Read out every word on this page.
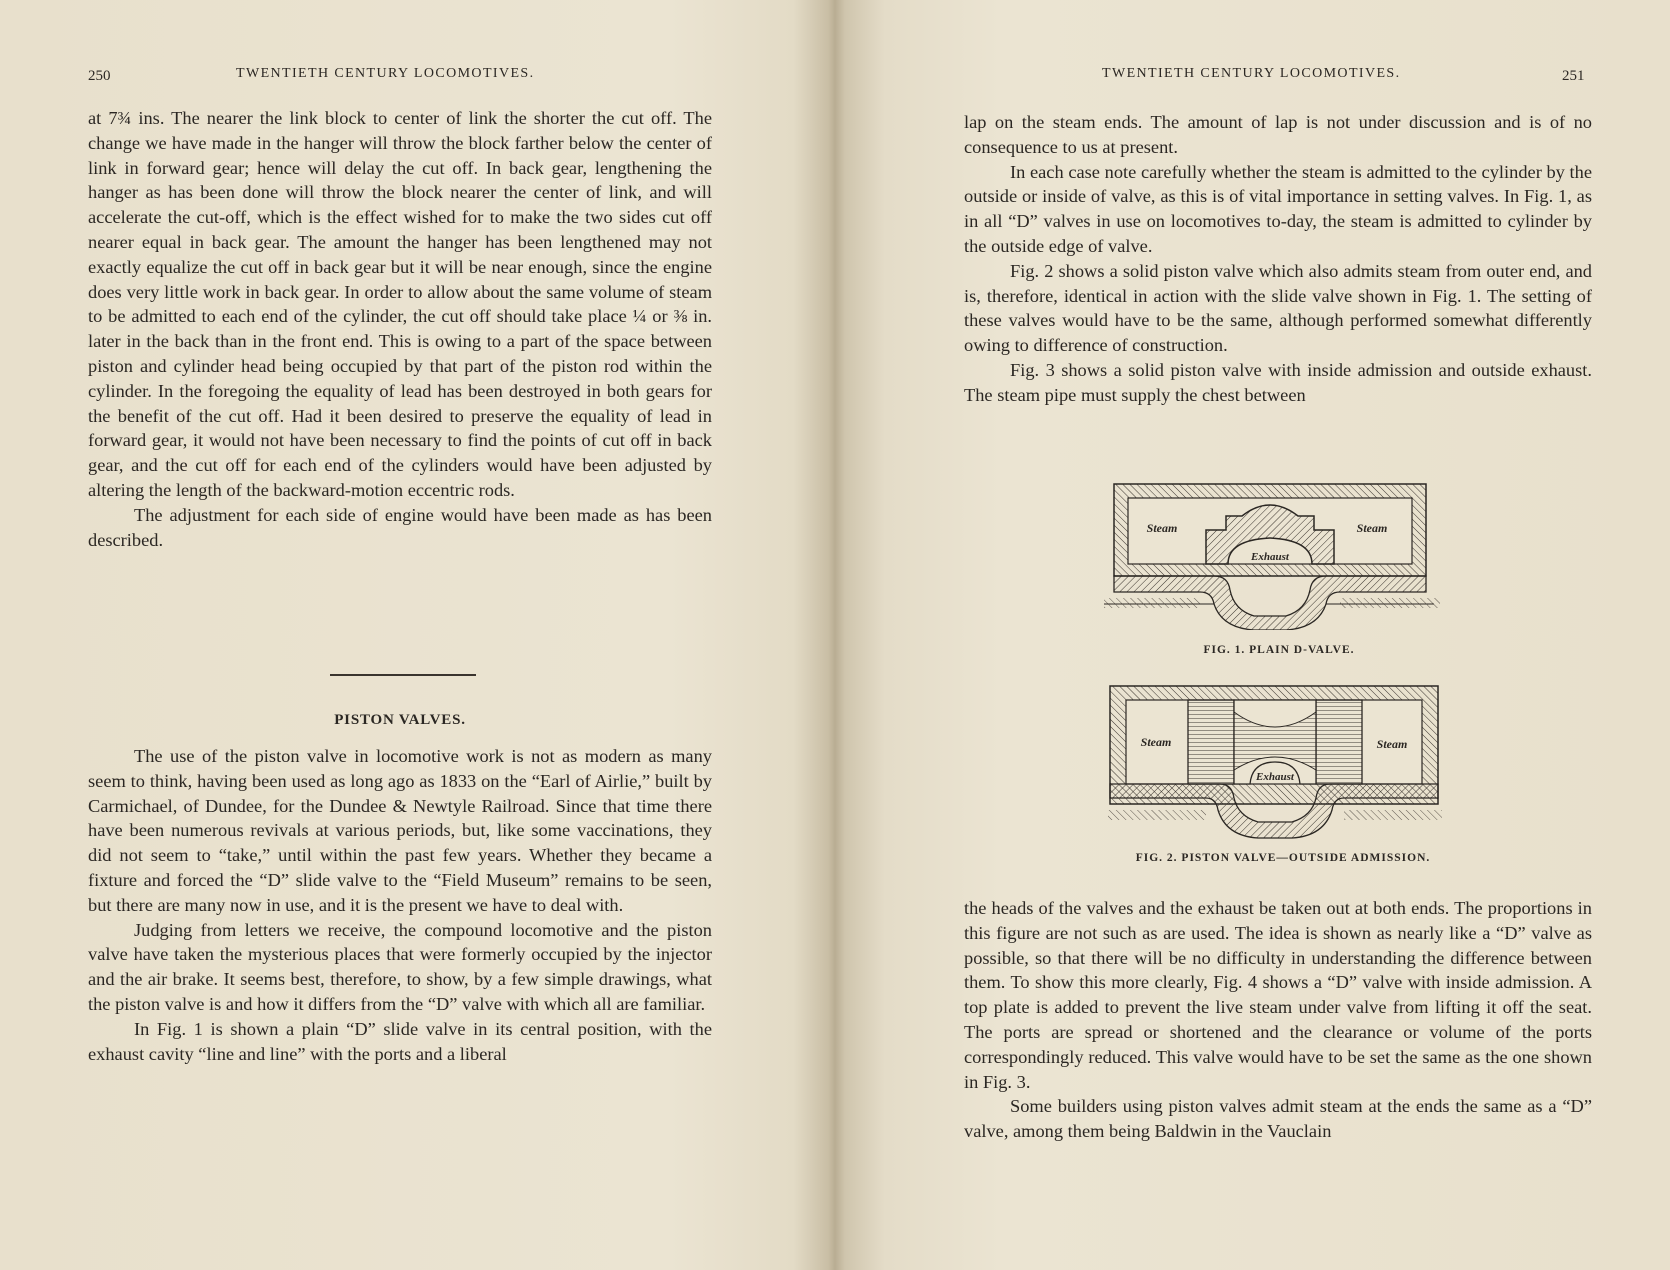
250	TWENTIETH CENTURY LOCOMOTIVES.

at 7¾ ins. The nearer the link block to center of link the shorter the cut off. The change we have made in the hanger will throw the block farther below the center of link in forward gear; hence will delay the cut off. In back gear, lengthening the hanger as has been done will throw the block nearer the center of link, and will accelerate the cut-off, which is the effect wished for to make the two sides cut off nearer equal in back gear. The amount the hanger has been lengthened may not exactly equalize the cut off in back gear but it will be near enough, since the engine does very little work in back gear. In order to allow about the same volume of steam to be admitted to each end of the cylinder, the cut off should take place ¼ or ⅜ in. later in the back than in the front end. This is owing to a part of the space between piston and cylinder head being occupied by that part of the piston rod within the cylinder. In the foregoing the equality of lead has been destroyed in both gears for the benefit of the cut off. Had it been desired to preserve the equality of lead in forward gear, it would not have been necessary to find the points of cut off in back gear, and the cut off for each end of the cylinders would have been adjusted by altering the length of the backward-motion eccentric rods.

The adjustment for each side of engine would have been made as has been described.

PISTON VALVES.

The use of the piston valve in locomotive work is not as modern as many seem to think, having been used as long ago as 1833 on the “Earl of Airlie,” built by Carmichael, of Dundee, for the Dundee & Newtyle Railroad. Since that time there have been numerous revivals at various periods, but, like some vaccinations, they did not seem to “take,” until within the past few years. Whether they became a fixture and forced the “D” slide valve to the “Field Museum” remains to be seen, but there are many now in use, and it is the present we have to deal with.

Judging from letters we receive, the compound locomotive and the piston valve have taken the mysterious places that were formerly occupied by the injector and the air brake. It seems best, therefore, to show, by a few simple drawings, what the piston valve is and how it differs from the “D” valve with which all are familiar.

In Fig. 1 is shown a plain “D” slide valve in its central position, with the exhaust cavity “line and line” with the ports and a liberal

TWENTIETH CENTURY LOCOMOTIVES.	251

lap on the steam ends. The amount of lap is not under discussion and is of no consequence to us at present.

In each case note carefully whether the steam is admitted to the cylinder by the outside or inside of valve, as this is of vital importance in setting valves. In Fig. 1, as in all “D” valves in use on locomotives to-day, the steam is admitted to cylinder by the outside edge of valve.

Fig. 2 shows a solid piston valve which also admits steam from outer end, and is, therefore, identical in action with the slide valve shown in Fig. 1. The setting of these valves would have to be the same, although performed somewhat differently owing to difference of construction.

Fig. 3 shows a solid piston valve with inside admission and outside exhaust. The steam pipe must supply the chest between

Steam	Steam
Exhaust
FIG. 1. PLAIN D-VALVE.
Steam	Steam
Exhaust
FIG. 2. PISTON VALVE—OUTSIDE ADMISSION.

the heads of the valves and the exhaust be taken out at both ends. The proportions in this figure are not such as are used. The idea is shown as nearly like a “D” valve as possible, so that there will be no difficulty in understanding the difference between them. To show this more clearly, Fig. 4 shows a “D” valve with inside admission. A top plate is added to prevent the live steam under valve from lifting it off the seat. The ports are spread or shortened and the clearance or volume of the ports correspondingly reduced. This valve would have to be set the same as the one shown in Fig. 3.

Some builders using piston valves admit steam at the ends the same as a “D” valve, among them being Baldwin in the Vauclain
